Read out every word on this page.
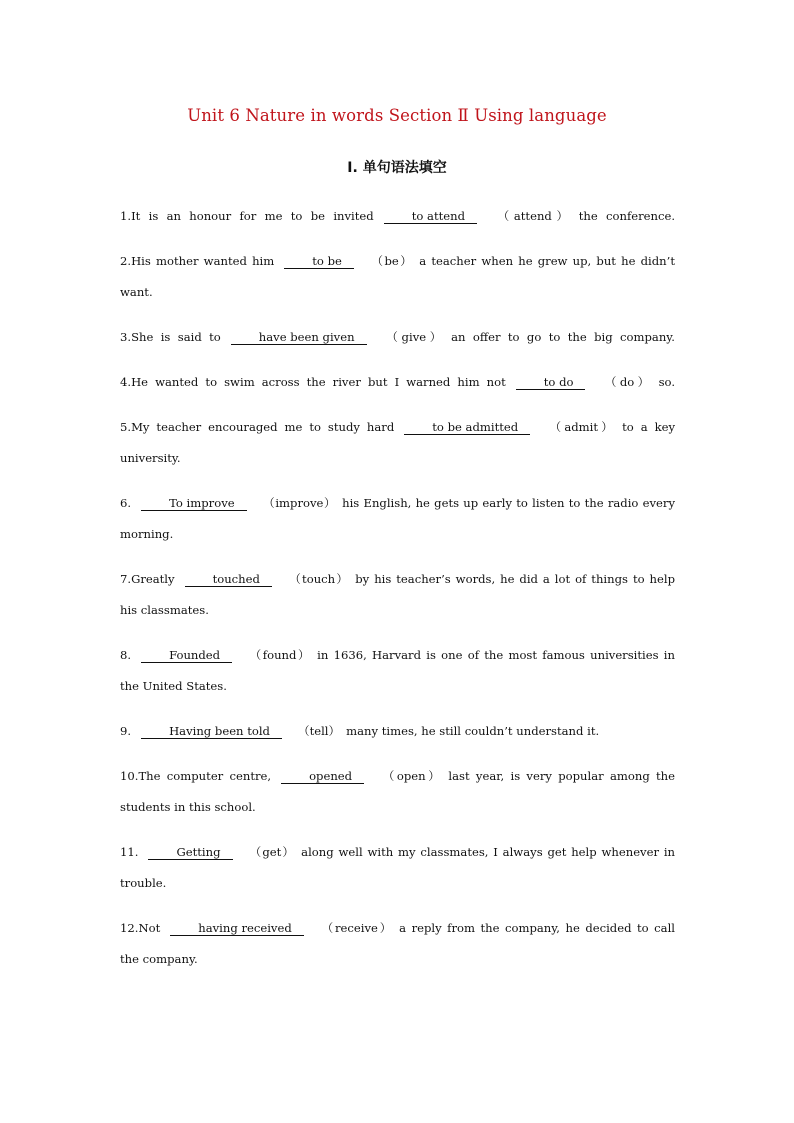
Unit 6 Nature in words Section Ⅱ Using language
Ⅰ. 单句语法填空

1.It is an honour for me to be invited	to attend （attend） the conference.

2.His mother wanted him	to be （be） a teacher when he grew up, but he didn’t want.

3.She is said to	have been given （give） an offer to go to the big company.

4.He wanted to swim across the river but I warned him not	to do （do） so.

5.My teacher encouraged me to study hard	to be admitted （admit） to a key university.

6.	To improve （improve） his English, he gets up early to listen to the radio every morning.

7.Greatly	touched （touch） by his teacher’s words, he did a lot of things to help his classmates.

8.	Founded （found） in 1636, Harvard is one of the most famous universities in the United States.

9.	Having been told （tell） many times, he still couldn’t understand it.

10.The computer centre,	opened （open） last year, is very popular among the students in this school.

11.	Getting （get） along well with my classmates, I always get help whenever in trouble.

12.Not	having received （receive） a reply from the company, he decided to call the company.
